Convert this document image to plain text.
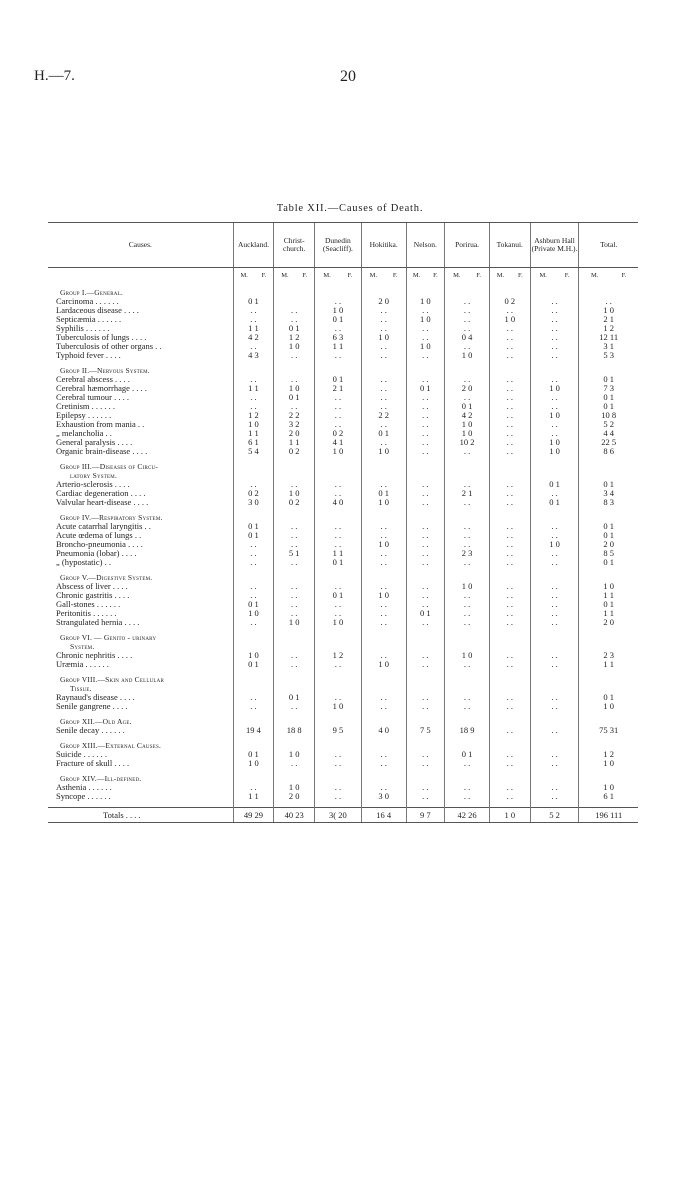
H.—7.	20
Table XII.—Causes of Death.
Causes.	Auckland.	Christ-church.	Dunedin (Seacliff).	Hokitika.	Nelson.	Porirua.	Tokanui.	Ashburn Hall (Private M.H.).	Total.

	M. F.	M. F.	M. F.	M. F.	M. F.	M. F.	M. F.	M. F.	M. F.

Group I.—General.									
Carcinoma . . . . . .	0 1		. .	2 0	1 0	. .	0 2	. .	. .
Lardaceous disease . . . .	. .	. .	1 0	. .	. .	. .	. .	. .	1 0
Septicæmia . . . . . .	. .	. .	0 1	. .	1 0	. .	1 0	. .	2 1
Syphilis . . . . . .	1 1	0 1	. .	. .	. .	. .	. .	. .	1 2
Tuberculosis of lungs . . . .	4 2	1 2	6 3	1 0	. .	0 4	. .	. .	12 11
Tuberculosis of other organs . .	. .	1 0	1 1	. .	1 0	. .	. .	. .	3 1
Typhoid fever . . . .	4 3	. .	. .	. .	. .	1 0	. .	. .	5 3

Group II.—Nervous System.									
Cerebral abscess . . . .	. .	. .	0 1	. .	. .	. .	. .	. .	0 1
Cerebral hæmorrhage . . . .	1 1	1 0	2 1	. .	0 1	2 0	. .	1 0	7 3
Cerebral tumour . . . .	. .	0 1	. .	. .	. .	. .	. .	. .	0 1
Cretinism . . . . . .	. .	. .	. .	. .	. .	0 1	. .	. .	0 1
Epilepsy . . . . . .	1 2	2 2	. .	2 2	. .	4 2	. .	1 0	10 8
Exhaustion from mania . .	1 0	3 2	. .	. .	. .	1 0	. .	. .	5 2
„ melancholia . .	1 1	2 0	0 2	0 1	. .	1 0	. .	. .	4 4
General paralysis . . . .	6 1	1 1	4 1	. .	. .	10 2	. .	1 0	22 5
Organic brain-disease . . . .	5 4	0 2	1 0	1 0	. .	. .	. .	1 0	8 6

Group III.—Diseases of Circu-									
latory System.									
Arterio-sclerosis . . . .	. .	. .	. .	. .	. .	. .	. .	0 1	0 1
Cardiac degeneration . . . .	0 2	1 0	. .	0 1	. .	2 1	. .	. .	3 4
Valvular heart-disease . . . .	3 0	0 2	4 0	1 0	. .	. .	. .	0 1	8 3

Group IV.—Respiratory System.									
Acute catarrhal laryngitis . .	0 1	. .	. .	. .	. .	. .	. .	. .	0 1
Acute œdema of lungs . .	0 1	. .	. .	. .	. .	. .	. .	. .	0 1
Broncho-pneumonia . . . .	. .	. .	. .	1 0	. .	. .	. .	1 0	2 0
Pneumonia (lobar) . . . .	. .	5 1	1 1	. .	. .	2 3	. .	. .	8 5
„ (hypostatic) . .	. .	. .	0 1	. .	. .	. .	. .	. .	0 1

Group V.—Digestive System.									
Abscess of liver . . . .	. .	. .	. .	. .	. .	1 0	. .	. .	1 0
Chronic gastritis . . . .	. .	. .	0 1	1 0	. .	. .	. .	. .	1 1
Gall-stones . . . . . .	0 1	. .	. .	. .	. .	. .	. .	. .	0 1
Peritonitis . . . . . .	1 0	. .	. .	. .	0 1	. .	. .	. .	1 1
Strangulated hernia . . . .	. .	1 0	1 0	. .	. .	. .	. .	. .	2 0

Group VI. — Genito - urinary									
System.									
Chronic nephritis . . . .	1 0	. .	1 2	. .	. .	1 0	. .	. .	2 3
Uræmia . . . . . .	0 1	. .	. .	1 0	. .	. .	. .	. .	1 1

Group VIII.—Skin and Cellular									
Tissue.									
Raynaud's disease . . . .	. .	0 1	. .	. .	. .	. .	. .	. .	0 1
Senile gangrene . . . .	. .	. .	1 0	. .	. .	. .	. .	. .	1 0

Group XII.—Old Age.									
Senile decay . . . . . .	19 4	18 8	9 5	4 0	7 5	18 9	. .	. .	75 31

Group XIII.—External Causes.									
Suicide . . . . . .	0 1	1 0	. .	. .	. .	0 1	. .	. .	1 2
Fracture of skull . . . .	1 0	. .	. .	. .	. .	. .	. .	. .	1 0

Group XIV.—Ill-defined.									
Asthenia . . . . . .	. .	1 0	. .	. .	. .	. .	. .	. .	1 0
Syncope . . . . . .	1 1	2 0	. .	3 0	. .	. .	. .	. .	6 1

Totals . . . .	49 29	40 23	3( 20	16 4	9 7	42 26	1 0	5 2	196 111
